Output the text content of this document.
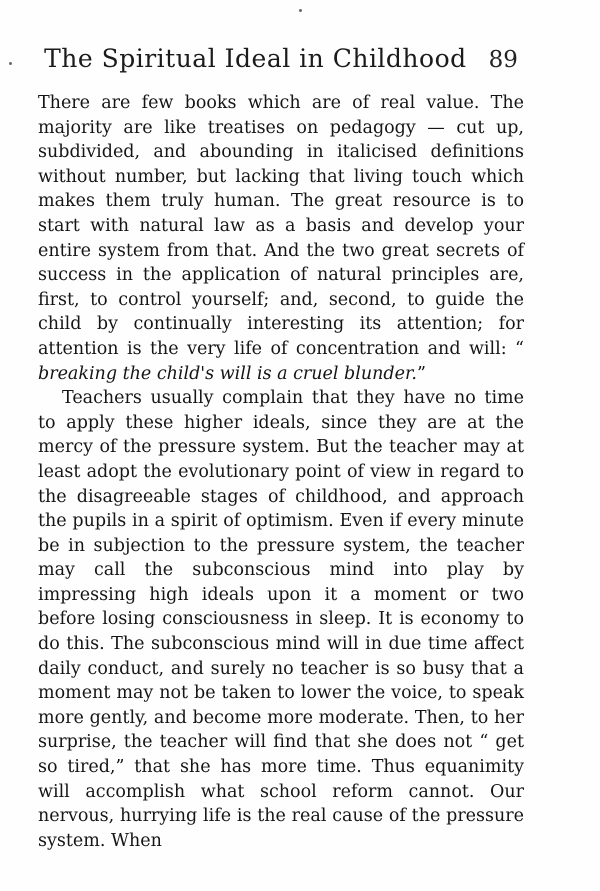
The Spiritual Ideal in Childhood 89

There are few books which are of real value. The majority are like treatises on pedagogy — cut up, subdivided, and abounding in italicised definitions without number, but lacking that living touch which makes them truly human. The great resource is to start with natural law as a basis and develop your entire system from that. And the two great secrets of success in the application of natural principles are, first, to control yourself; and, second, to guide the child by continually interesting its attention; for attention is the very life of concentration and will: “ breaking the child's will is a cruel blunder.”

Teachers usually complain that they have no time to apply these higher ideals, since they are at the mercy of the pressure system. But the teacher may at least adopt the evolutionary point of view in regard to the disagreeable stages of childhood, and approach the pupils in a spirit of optimism. Even if every minute be in subjection to the pressure system, the teacher may call the subconscious mind into play by impressing high ideals upon it a moment or two before losing consciousness in sleep. It is economy to do this. The subconscious mind will in due time affect daily conduct, and surely no teacher is so busy that a moment may not be taken to lower the voice, to speak more gently, and become more moderate. Then, to her surprise, the teacher will find that she does not “ get so tired,” that she has more time. Thus equanimity will accomplish what school reform cannot. Our nervous, hurrying life is the real cause of the pressure system. When
